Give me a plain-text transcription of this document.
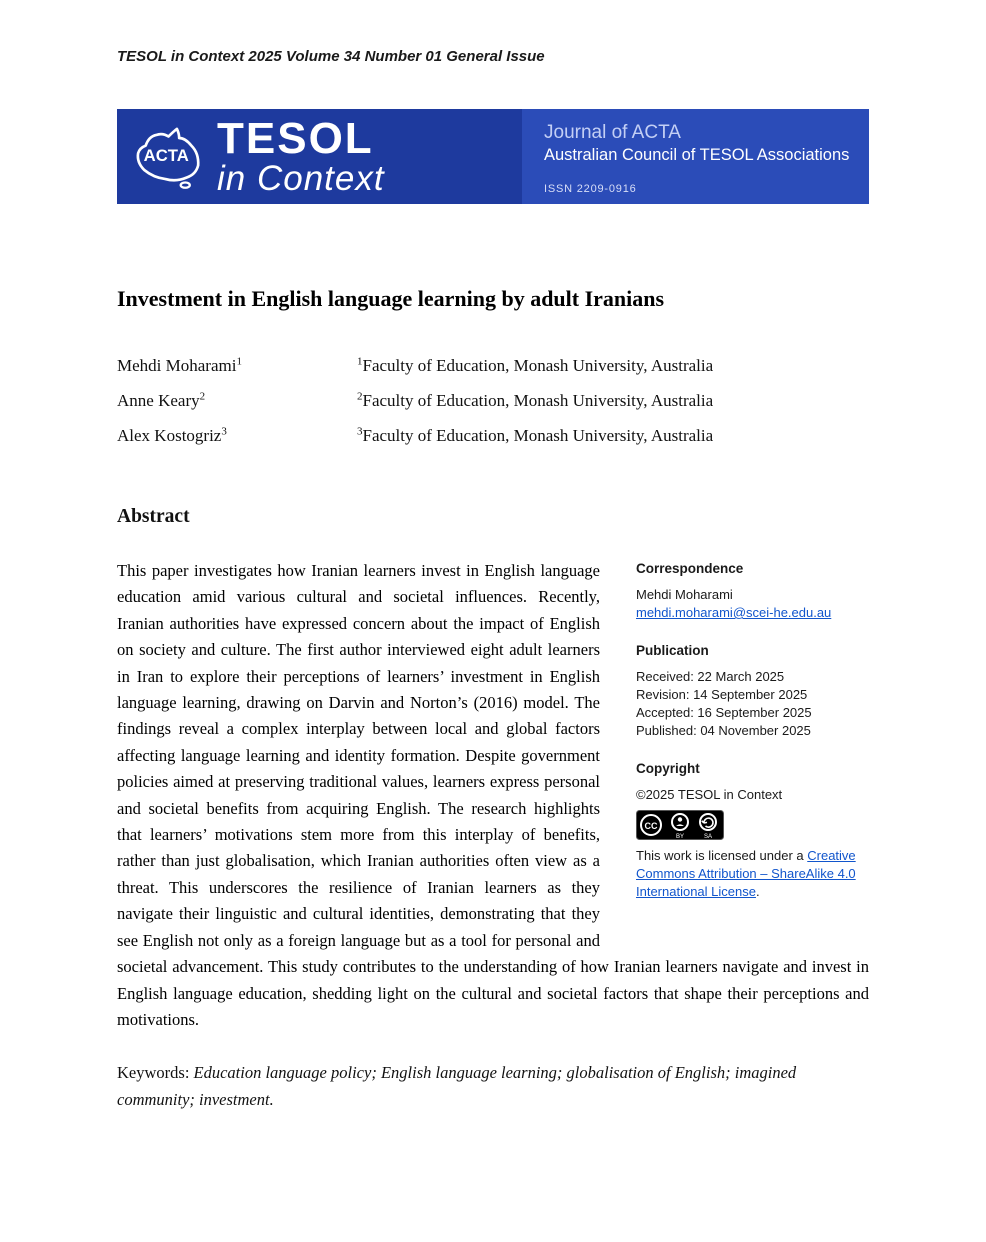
TESOL in Context 2025 Volume 34 Number 01 General Issue
ACTA TESOL
in Context
Journal of ACTA
Australian Council of TESOL Associations
ISSN 2209-0916
Investment in English language learning by adult Iranians
Mehdi Moharami$^1$	$^1$Faculty of Education, Monash University, Australia
Anne Keary$^2$	$^2$Faculty of Education, Monash University, Australia
Alex Kostogriz$^3$	$^3$Faculty of Education, Monash University, Australia
Abstract
Correspondence
Mehdi Moharami
mehdi.moharami@scei-he.edu.au
Publication
Received: 22 March 2025
Revision: 14 September 2025
Accepted: 16 September 2025
Published: 04 November 2025
Copyright
©2025 TESOL in Context
CC
BY	SA
This work is licensed under a Creative Commons Attribution – ShareAlike 4.0 International License.

This paper investigates how Iranian learners invest in English language education amid various cultural and societal influences. Recently, Iranian authorities have expressed concern about the impact of English on society and culture. The first author interviewed eight adult learners in Iran to explore their perceptions of learners’ investment in English language learning, drawing on Darvin and Norton’s (2016) model. The findings reveal a complex interplay between local and global factors affecting language learning and identity formation. Despite government policies aimed at preserving traditional values, learners express personal and societal benefits from acquiring English. The research highlights that learners’ motivations stem more from this interplay of benefits, rather than just globalisation, which Iranian authorities often view as a threat. This underscores the resilience of Iranian learners as they navigate their linguistic and cultural identities, demonstrating that they see English not only as a foreign language but as a tool for personal and societal advancement. This study contributes to the understanding of how Iranian learners navigate and invest in English language education, shedding light on the cultural and societal factors that shape their perceptions and motivations.

Keywords: Education language policy; English language learning; globalisation of English; imagined community; investment.
